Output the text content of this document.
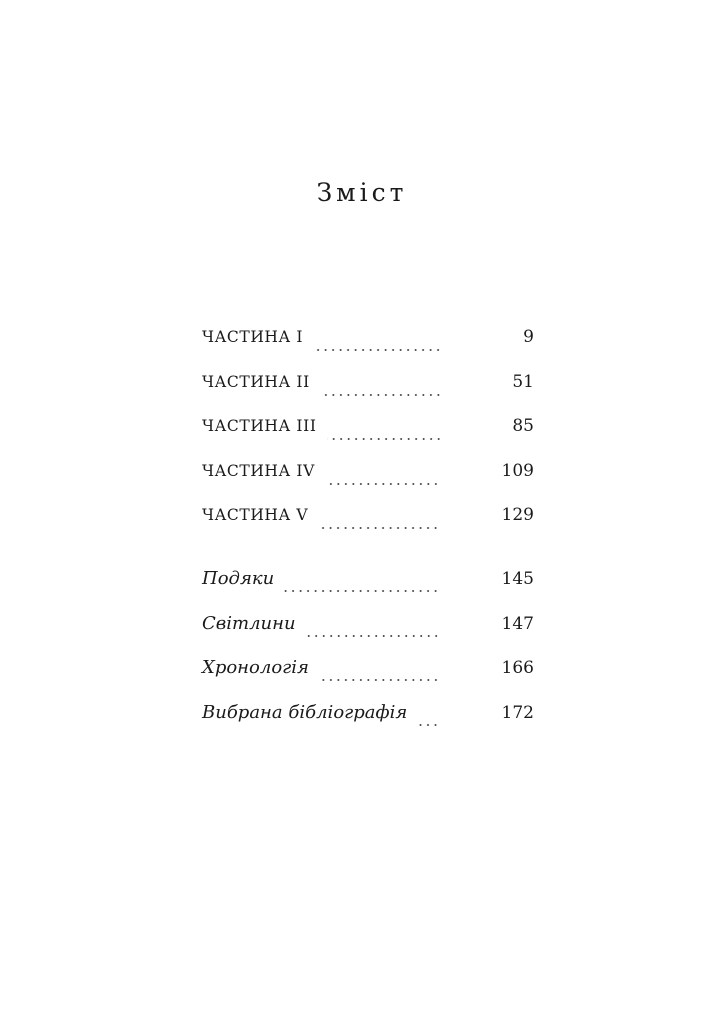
Зміст
ЧАСТИНА I	9
ЧАСТИНА II	51
ЧАСТИНА III	85
ЧАСТИНА IV	109
ЧАСТИНА V	129
Подяки	145
Світлини	147
Хронологія	166
Вибрана бібліографія	172
